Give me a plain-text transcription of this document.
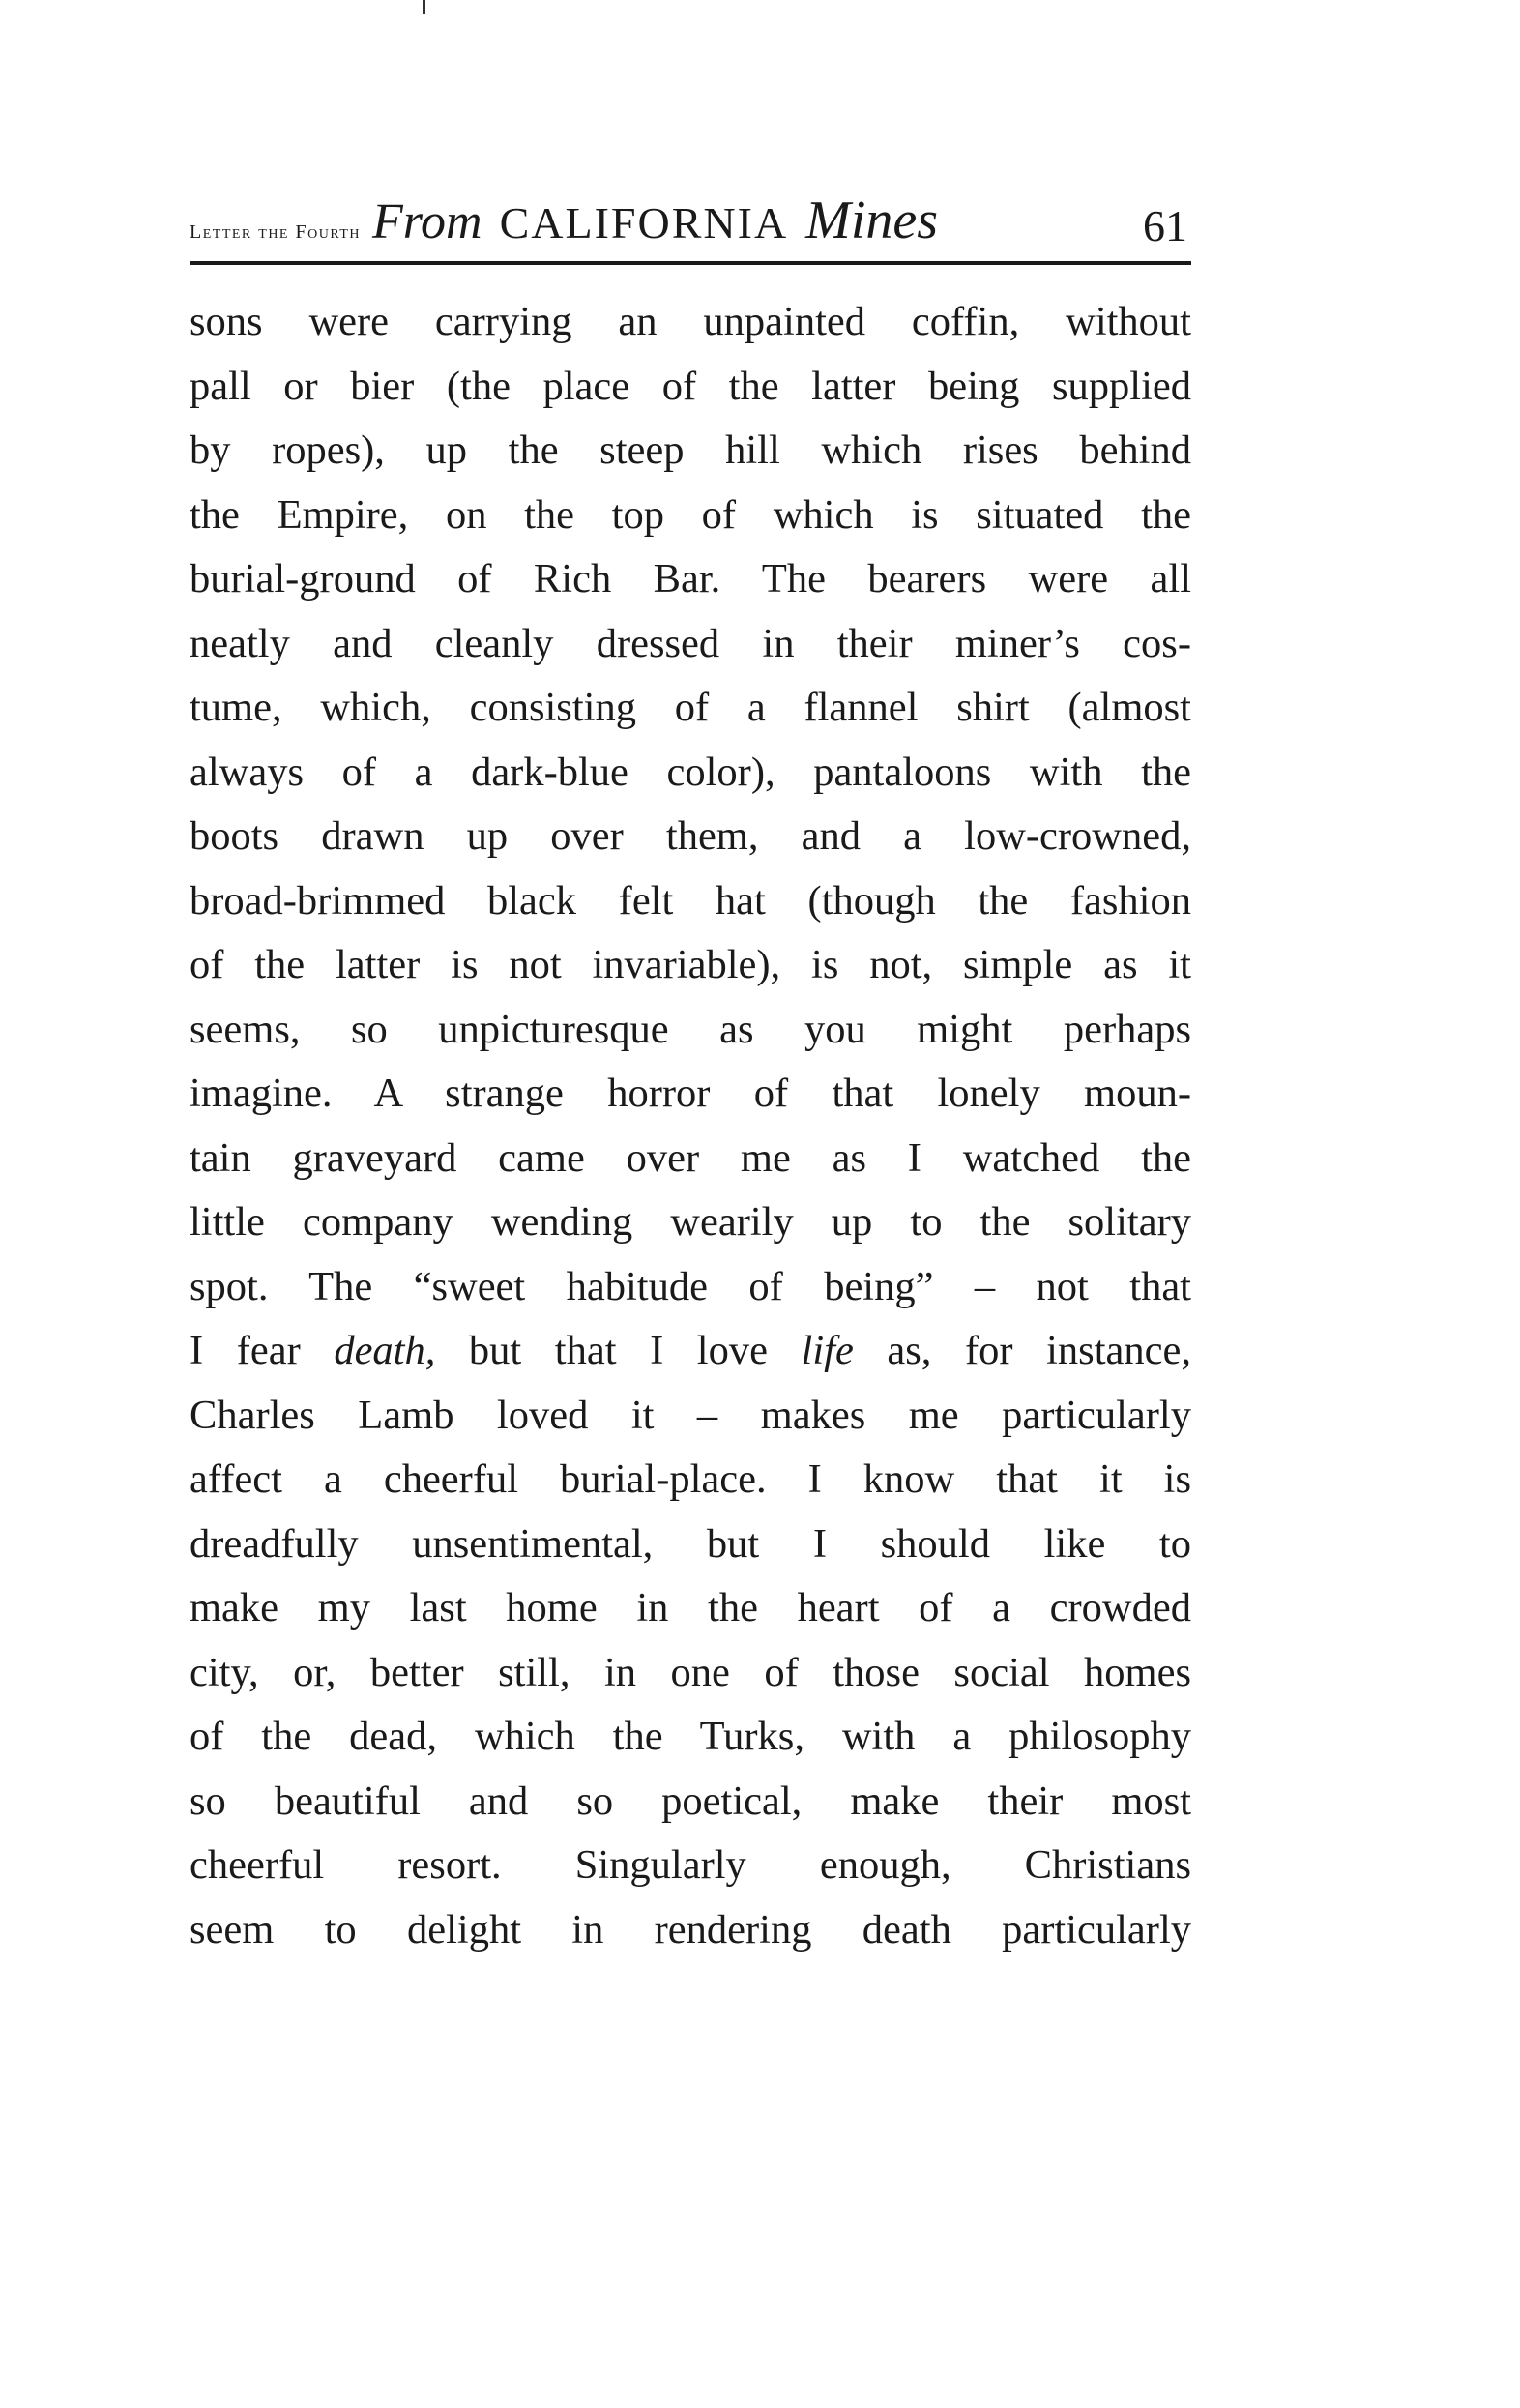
Letter the Fourth From CALIFORNIA Mines	61
sons were carrying an unpainted coffin, without
pall or bier (the place of the latter being supplied
by ropes), up the steep hill which rises behind
the Empire, on the top of which is situated the
burial-ground of Rich Bar. The bearers were all
neatly and cleanly dressed in their miner’s cos-
tume, which, consisting of a flannel shirt (almost
always of a dark-blue color), pantaloons with the
boots drawn up over them, and a low-crowned,
broad-brimmed black felt hat (though the fashion
of the latter is not invariable), is not, simple as it
seems, so unpicturesque as you might perhaps
imagine. A strange horror of that lonely moun-
tain graveyard came over me as I watched the
little company wending wearily up to the solitary
spot. The “sweet habitude of being” – not that
I fear death, but that I love life as, for instance,
Charles Lamb loved it – makes me particularly
affect a cheerful burial-place. I know that it is
dreadfully unsentimental, but I should like to
make my last home in the heart of a crowded
city, or, better still, in one of those social homes
of the dead, which the Turks, with a philosophy
so beautiful and so poetical, make their most
cheerful resort. Singularly enough, Christians
seem to delight in rendering death particularly
